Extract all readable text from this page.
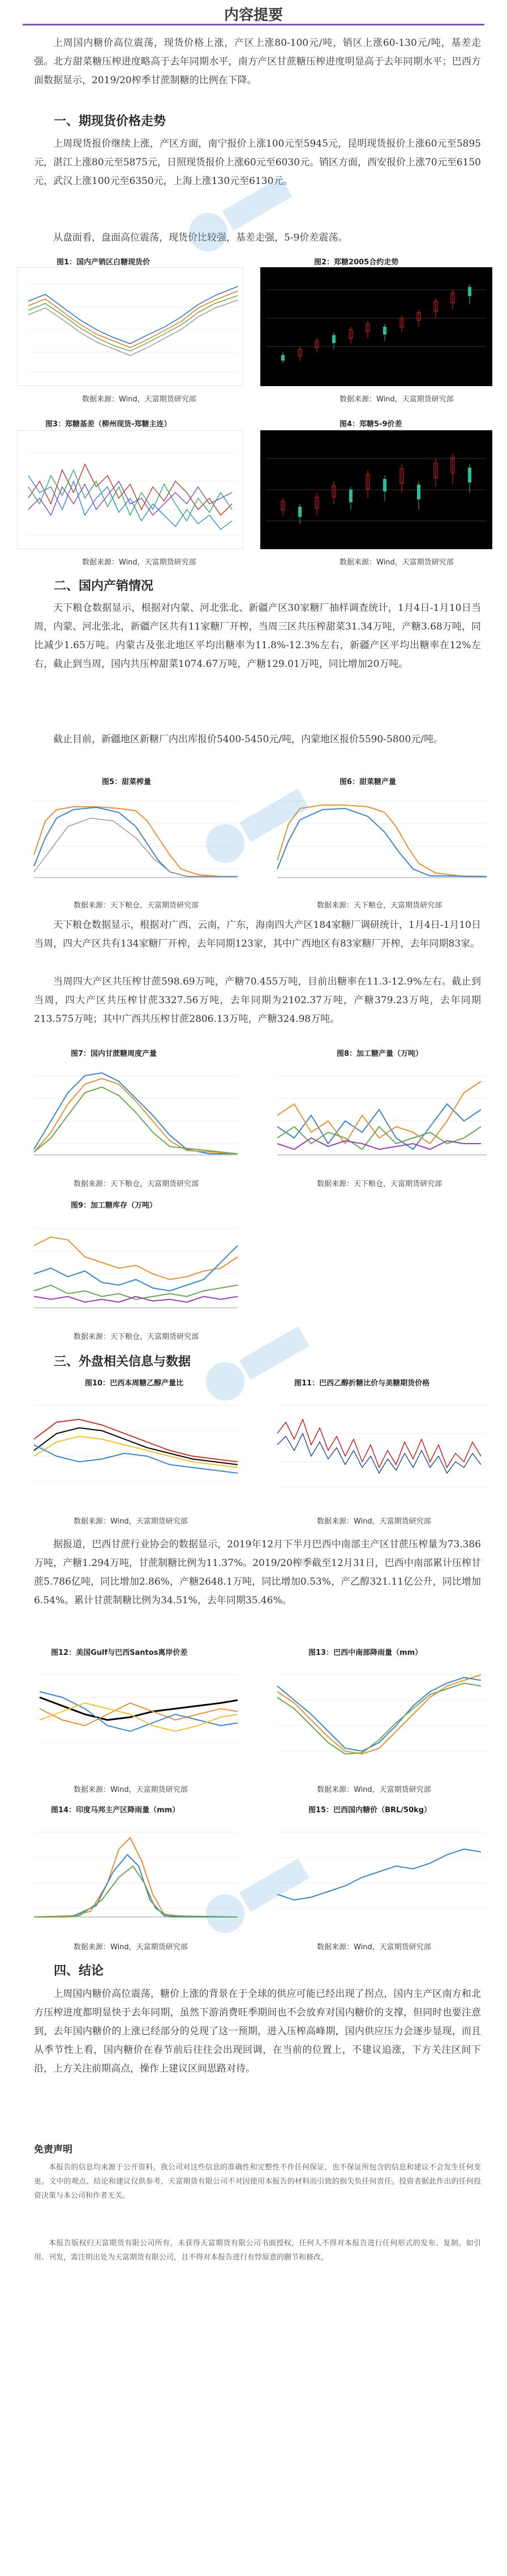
内容提要

上周国内糖价高位震荡，现货价格上涨，产区上涨80-100元/吨，销区上涨60-130元/吨，基差走强。北方甜菜糖压榨进度略高于去年同期水平，南方产区甘蔗糖压榨进度明显高于去年同期水平；巴西方面数据显示，2019/20榨季甘蔗制糖的比例在下降。

一、期现货价格走势

上周现货报价继续上涨，产区方面，南宁报价上涨100元至5945元，昆明现货报价上涨60元至5895元，湛江上涨80元至5875元，日照现货报价上涨60元至6030元。销区方面，西安报价上涨70元至6150元，武汉上涨100元至6350元，上海上涨130元至6130元。

从盘面看，盘面高位震荡，现货价比较强，基差走强，5-9价差震荡。

图1：国内产销区白糖现货价	图2：郑糖2005合约走势
数据来源：Wind，天富期货研究部	数据来源：Wind，天富期货研究部
图3：郑糖基差（柳州现货-郑糖主连）	图4：郑糖5-9价差
数据来源：Wind，天富期货研究部	数据来源：Wind，天富期货研究部
二、国内产销情况

天下粮仓数据显示，根据对内蒙、河北张北、新疆产区30家糖厂抽样调查统计，1月4日-1月10日当周，内蒙、河北张北，新疆产区共有11家糖厂开榨，当周三区共压榨甜菜31.34万吨，产糖3.68万吨，同比减少1.65万吨。内蒙古及张北地区平均出糖率为11.8%-12.3%左右，新疆产区平均出糖率在12%左右，截止到当周，国内共压榨甜菜1074.67万吨，产糖129.01万吨，同比增加20万吨。

截止目前，新疆地区新糖厂内出库报价5400-5450元/吨，内蒙地区报价5590-5800元/吨。

图5：甜菜榨量	图6：甜菜糖产量
数据来源：天下粮仓，天富期货研究部	数据来源：天下粮仓，天富期货研究部

天下粮仓数据显示，根据对广西、云南，广东，海南四大产区184家糖厂调研统计，1月4日-1月10日当周，四大产区共有134家糖厂开榨，去年同期123家，其中广西地区有83家糖厂开榨，去年同期83家。

当周四大产区共压榨甘蔗598.69万吨，产糖70.455万吨，目前出糖率在11.3-12.9%左右。截止到当周，四大产区共压榨甘蔗3327.56万吨，去年同期为2102.37万吨，产糖379.23万吨，去年同期213.575万吨；其中广西共压榨甘蔗2806.13万吨，产糖324.98万吨。

图7：国内甘蔗糖周度产量	图8：加工糖产量（万吨）
数据来源：天下粮仓，天富期货研究部	数据来源：天下粮仓，天富期货研究部
图9：加工糖库存（万吨）
数据来源：天下粮仓，天富期货研究部
三、外盘相关信息与数据
图10：巴西本周糖乙醇产量比	图11：巴西乙醇折糖比价与美糖期货价格
数据来源：Wind，天富期货研究部	数据来源：Wind，天富期货研究部

据报道，巴西甘蔗行业协会的数据显示，2019年12月下半月巴西中南部主产区甘蔗压榨量为73.386万吨，产糖1.294万吨，甘蔗制糖比例为11.37%。2019/20榨季截至12月31日，巴西中南部累计压榨甘蔗5.786亿吨，同比增加2.86%，产糖2648.1万吨，同比增加0.53%，产乙醇321.11亿公升，同比增加6.54%。累计甘蔗制糖比例为34.51%，去年同期35.46%。

图12：美国Gulf与巴西Santos离岸价差	图13：巴西中南部降雨量（mm）
数据来源：Wind，天富期货研究部	数据来源：Wind，天富期货研究部
图14：印度马邦主产区降雨量（mm）	图15：巴西国内糖价（BRL/50kg）
数据来源：Wind，天富期货研究部	数据来源：Wind，天富期货研究部
四、结论

上周国内糖价高位震荡，糖价上涨的背景在于全球的供应可能已经出现了拐点，国内主产区南方和北方压榨进度都明显快于去年同期，虽然下游消费旺季期间也不会放弃对国内糖价的支撑，但同时也要注意到，去年国内糖价的上涨已经部分的兑现了这一预期，进入压榨高峰期，国内供应压力会逐步显现，而且从季节性上看，国内糖价在春节前后往往会出现回调，在当前的位置上，不建议追涨，下方关注区间下沿，上方关注前期高点，操作上建议区间思路对待。

免责声明

本报告的信息均来源于公开资料，我公司对这些信息的准确性和完整性不作任何保证，也不保证所包含的信息和建议不会发生任何变更。文中的观点、结论和建议仅供参考，天富期货有限公司不对因使用本报告的材料而引致的损失负任何责任。投资者据此作出的任何投资决策与本公司和作者无关。

本报告版权归天富期货有限公司所有，未获得天富期货有限公司书面授权，任何人不得对本报告进行任何形式的发布、复制。如引用、刊发，需注明出处为天富期货有限公司，且不得对本报告进行有悖原意的删节和修改。
